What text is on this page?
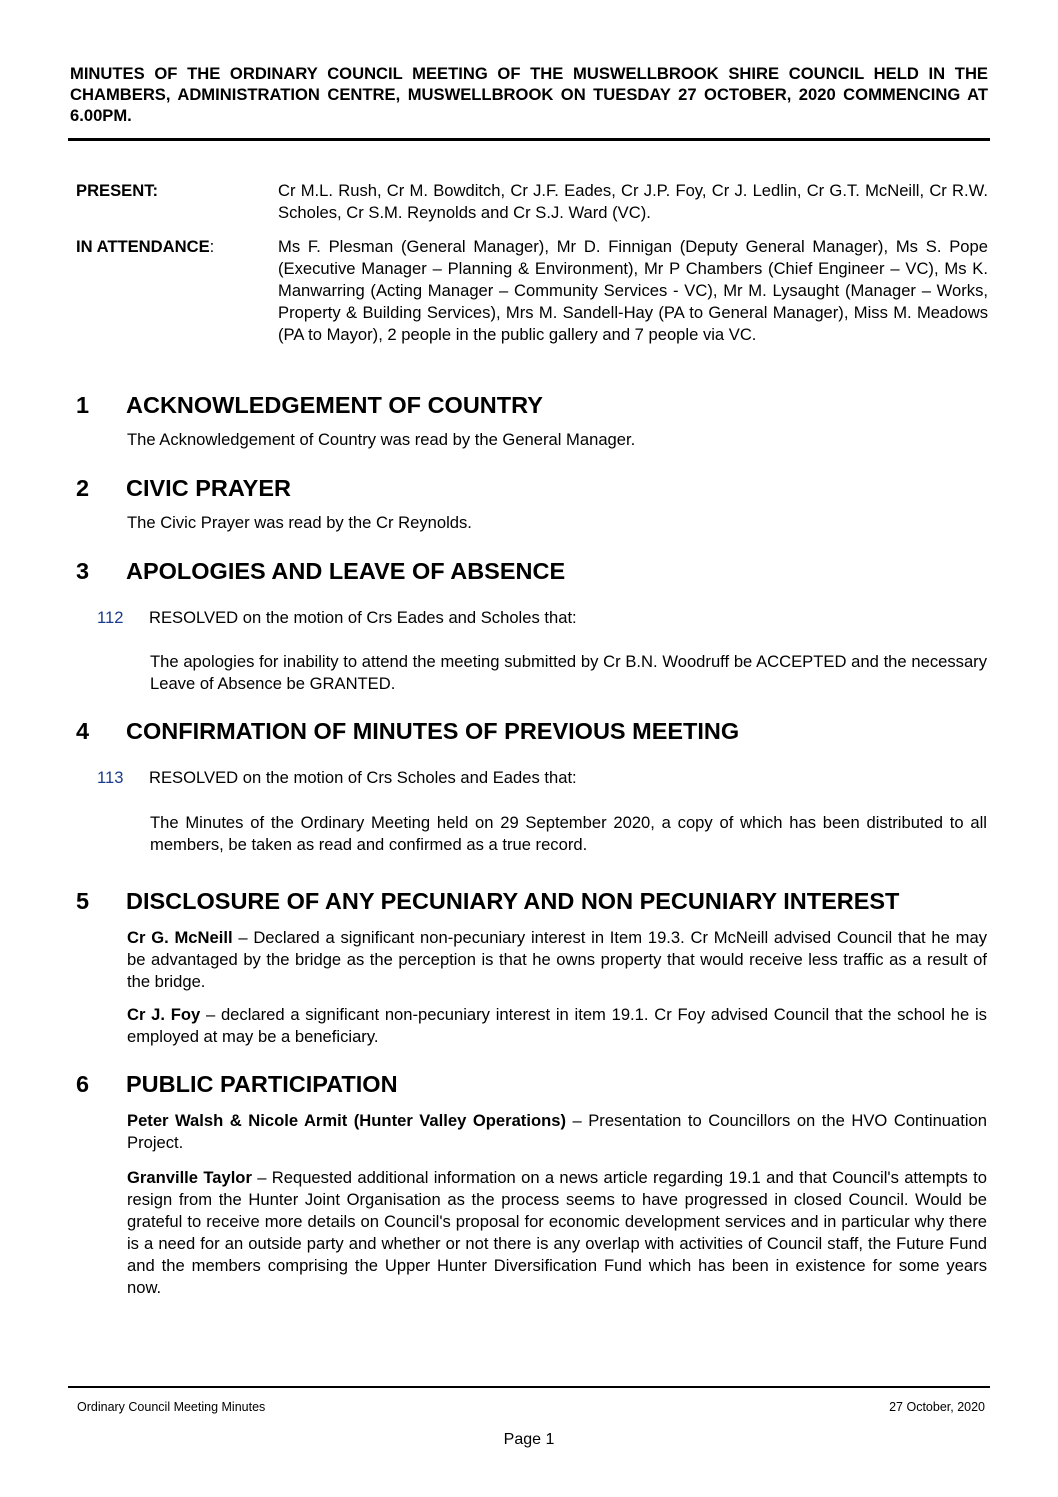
MINUTES OF THE ORDINARY COUNCIL MEETING OF THE MUSWELLBROOK SHIRE COUNCIL HELD IN THE CHAMBERS, ADMINISTRATION CENTRE, MUSWELLBROOK ON TUESDAY 27 OCTOBER, 2020 COMMENCING AT 6.00PM.
PRESENT:	Cr M.L. Rush, Cr M. Bowditch, Cr J.F. Eades, Cr J.P. Foy, Cr J. Ledlin, Cr G.T. McNeill, Cr R.W. Scholes, Cr S.M. Reynolds and Cr S.J. Ward (VC).
IN ATTENDANCE:	Ms F. Plesman (General Manager), Mr D. Finnigan (Deputy General Manager), Ms S. Pope (Executive Manager – Planning & Environment), Mr P Chambers (Chief Engineer – VC), Ms K. Manwarring (Acting Manager – Community Services - VC), Mr M. Lysaught (Manager – Works, Property & Building Services), Mrs M. Sandell-Hay (PA to General Manager), Miss M. Meadows (PA to Mayor), 2 people in the public gallery and 7 people via VC.
1 ACKNOWLEDGEMENT OF COUNTRY
The Acknowledgement of Country was read by the General Manager.
2 CIVIC PRAYER
The Civic Prayer was read by the Cr Reynolds.
3 APOLOGIES AND LEAVE OF ABSENCE
112 RESOLVED on the motion of Crs Eades and Scholes that:
The apologies for inability to attend the meeting submitted by Cr B.N. Woodruff be ACCEPTED and the necessary Leave of Absence be GRANTED.
4 CONFIRMATION OF MINUTES OF PREVIOUS MEETING
113 RESOLVED on the motion of Crs Scholes and Eades that:
The Minutes of the Ordinary Meeting held on 29 September 2020, a copy of which has been distributed to all members, be taken as read and confirmed as a true record.
5 DISCLOSURE OF ANY PECUNIARY AND NON PECUNIARY INTEREST
Cr G. McNeill – Declared a significant non-pecuniary interest in Item 19.3. Cr McNeill advised Council that he may be advantaged by the bridge as the perception is that he owns property that would receive less traffic as a result of the bridge.
Cr J. Foy – declared a significant non-pecuniary interest in item 19.1. Cr Foy advised Council that the school he is employed at may be a beneficiary.
6 PUBLIC PARTICIPATION
Peter Walsh & Nicole Armit (Hunter Valley Operations) – Presentation to Councillors on the HVO Continuation Project.
Granville Taylor – Requested additional information on a news article regarding 19.1 and that Council's attempts to resign from the Hunter Joint Organisation as the process seems to have progressed in closed Council. Would be grateful to receive more details on Council's proposal for economic development services and in particular why there is a need for an outside party and whether or not there is any overlap with activities of Council staff, the Future Fund and the members comprising the Upper Hunter Diversification Fund which has been in existence for some years now.
Ordinary Council Meeting Minutes	27 October, 2020
Page 1
